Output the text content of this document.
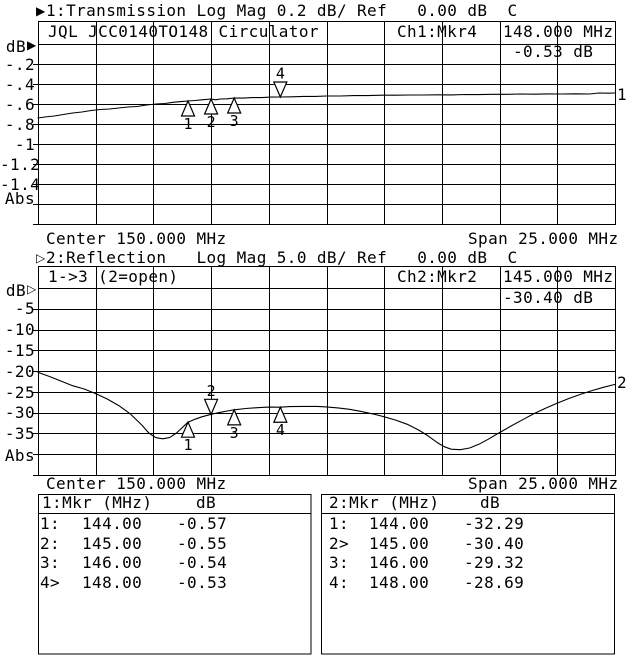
1 2 3
4
1
2
3 4
▶ 1:Transmission Log Mag 0.2 dB/ Ref   0.00 dB  C
JQL JCC0140TO148 Circulator	Ch1:Mkr4 148.000 MHz
-0.53 dB
dB ▶
-.2
-.4
-.6
-.8
-1
-1.2
-1.4
Abs
1
Center 150.000 MHz	Span 25.000 MHz
▷ 2:Reflection   Log Mag 5.0 dB/ Ref   0.00 dB  C
1->3 (2=open)	Ch2:Mkr2 145.000 MHz
-30.40 dB
dB ▷
-5
-10
-15
-20
-25
-30
-35
Abs
2
Center 150.000 MHz	Span 25.000 MHz
1:Mkr (MHz)	dB
1: 144.00 -0.57
2: 145.00 -0.55
3: 146.00 -0.54
4> 148.00 -0.53
2:Mkr (MHz)	dB
1: 144.00 -32.29
2> 145.00 -30.40
3: 146.00 -29.32
4: 148.00 -28.69
